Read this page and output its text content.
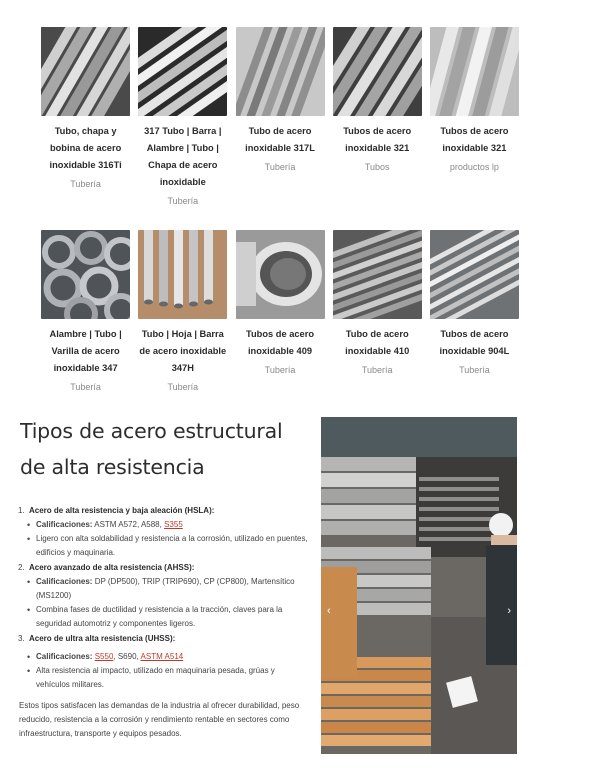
Tubo, chapa y bobina de acero inoxidable 316Ti
Tubería
317 Tubo | Barra | Alambre | Tubo | Chapa de acero inoxidable
Tubería
Tubo de acero inoxidable 317L
Tubería
Tubos de acero inoxidable 321
Tubos
Tubos de acero inoxidable 321
productos lp
Alambre | Tubo | Varilla de acero inoxidable 347
Tubería
Tubo | Hoja | Barra de acero inoxidable 347H
Tubería
Tubos de acero inoxidable 409
Tubería
Tubo de acero inoxidable 410
Tubería
Tubos de acero inoxidable 904L
Tubería
Tipos de acero estructural de alta resistencia
1. Acero de alta resistencia y baja aleación (HSLA):
• Calificaciones: ASTM A572, A588, S355
• Ligero con alta soldabilidad y resistencia a la corrosión, utilizado en puentes, edificios y maquinaria.
2. Acero avanzado de alta resistencia (AHSS):
• Calificaciones: DP (DP500), TRIP (TRIP690), CP (CP800), Martensítico (MS1200)
• Combina fases de ductilidad y resistencia a la tracción, claves para la seguridad automotriz y componentes ligeros.
3. Acero de ultra alta resistencia (UHSS):
• Calificaciones: S550, S690, ASTM A514
• Alta resistencia al impacto, utilizado en maquinaria pesada, grúas y vehículos militares.

Estos tipos satisfacen las demandas de la industria al ofrecer durabilidad, peso reducido, resistencia a la corrosión y rendimiento rentable en sectores como infraestructura, transporte y equipos pesados.

‹	›
